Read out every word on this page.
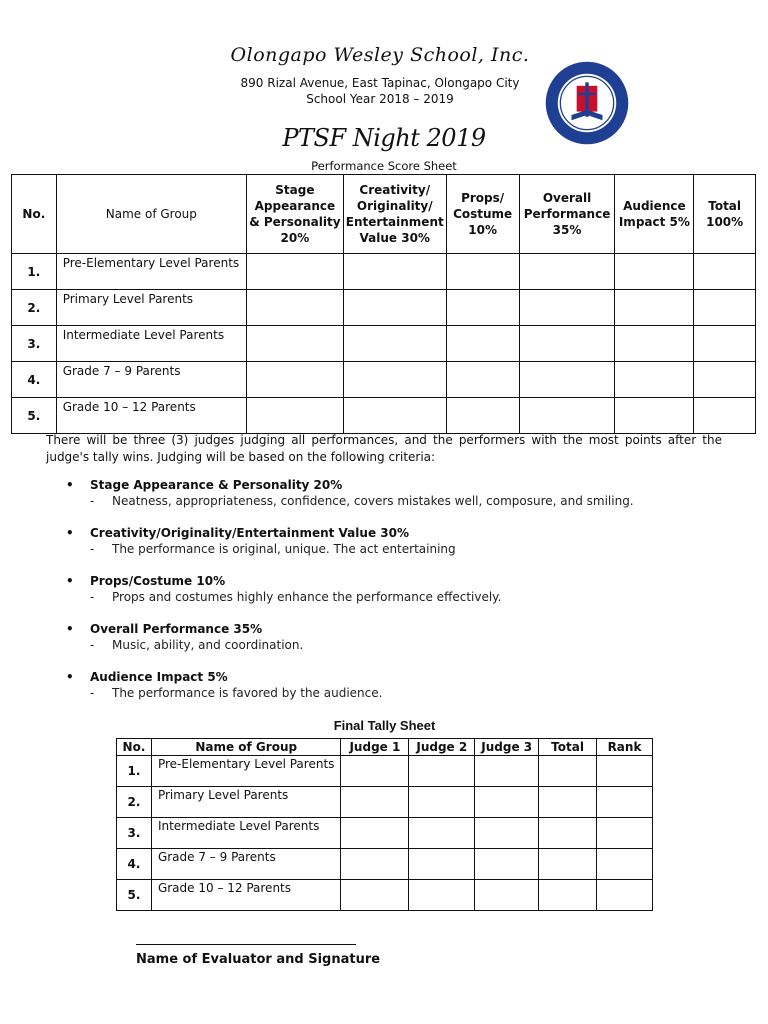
Olongapo Wesley School, Inc.
890 Rizal Avenue, East Tapinac, Olongapo City
School Year 2018 – 2019
PTSF Night 2019
Performance Score Sheet
No.	Name of Group	Stage Appearance & Personality 20%	Creativity/ Originality/ Entertainment Value 30%	Props/ Costume 10%	Overall Performance 35%	Audience Impact 5%	Total 100%
1.	Pre-Elementary Level Parents						
2.	Primary Level Parents						
3.	Intermediate Level Parents						
4.	Grade 7 – 9 Parents						
5.	Grade 10 – 12 Parents						
There will be three (3) judges judging all performances, and the performers with the most points after the judge's tally wins. Judging will be based on the following criteria:
• Stage Appearance & Personality 20%
- Neatness, appropriateness, confidence, covers mistakes well, composure, and smiling.
• Creativity/Originality/Entertainment Value 30%
- The performance is original, unique. The act entertaining
• Props/Costume 10%
- Props and costumes highly enhance the performance effectively.
• Overall Performance 35%
- Music, ability, and coordination.
• Audience Impact 5%
- The performance is favored by the audience.
Final Tally Sheet
No.	Name of Group	Judge 1	Judge 2	Judge 3	Total	Rank
1.	Pre-Elementary Level Parents					
2.	Primary Level Parents					
3.	Intermediate Level Parents					
4.	Grade 7 – 9 Parents					
5.	Grade 10 – 12 Parents					
Name of Evaluator and Signature
